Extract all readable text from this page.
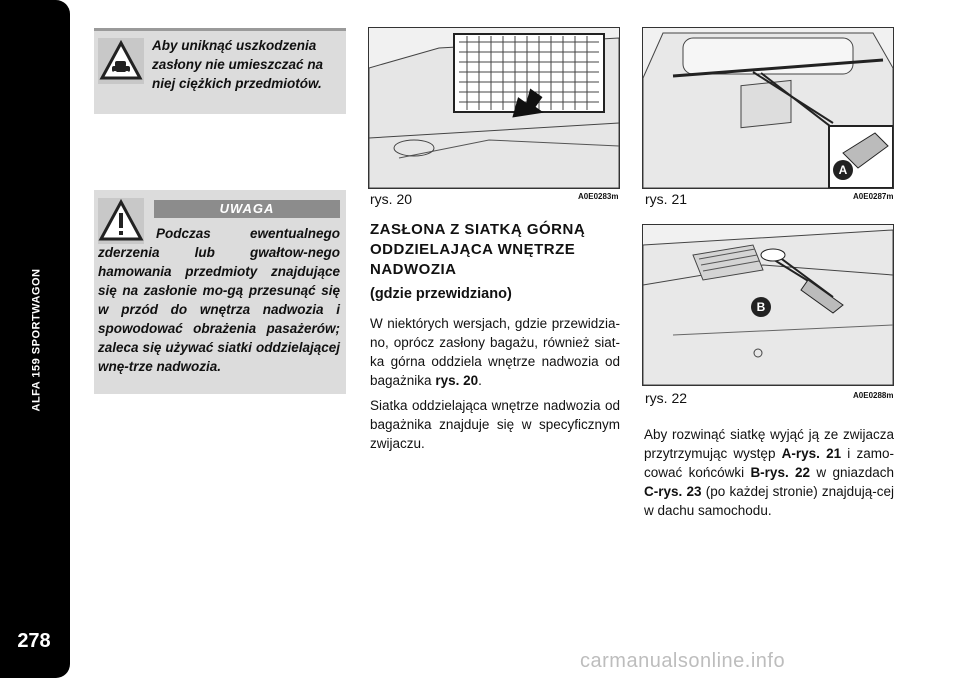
ALFA 159 SPORTWAGON
278
Aby uniknąć uszkodzenia zasłony nie umieszczać na niej ciężkich przedmiotów.
UWAGA
Podczas ewentualnego zderzenia lub gwałtow-nego hamowania przedmioty znajdujące się na zasłonie mo-gą przesunąć się w przód do wnętrza nadwozia i spowodować obrażenia pasażerów; zaleca się używać siatki oddzielającej wnę-trze nadwozia.
rys. 20	A0E0283m
A
rys. 21	A0E0287m
B
rys. 22	A0E0288m
ZASŁONA Z SIATKĄ GÓRNĄ ODDZIELAJĄCA WNĘTRZE NADWOZIA
(gdzie przewidziano)
W niektórych wersjach, gdzie przewidzia-no, oprócz zasłony bagażu, również siat-ka górna oddziela wnętrze nadwozia od bagażnika rys. 20.
Siatka oddzielająca wnętrze nadwozia od bagażnika znajduje się w specyficznym zwijaczu.
Aby rozwinąć siatkę wyjąć ją ze zwijacza przytrzymując występ A-rys. 21 i zamo-cować końcówki B-rys. 22 w gniazdach C-rys. 23 (po każdej stronie) znajdują-cej w dachu samochodu.
carmanualsonline.info
